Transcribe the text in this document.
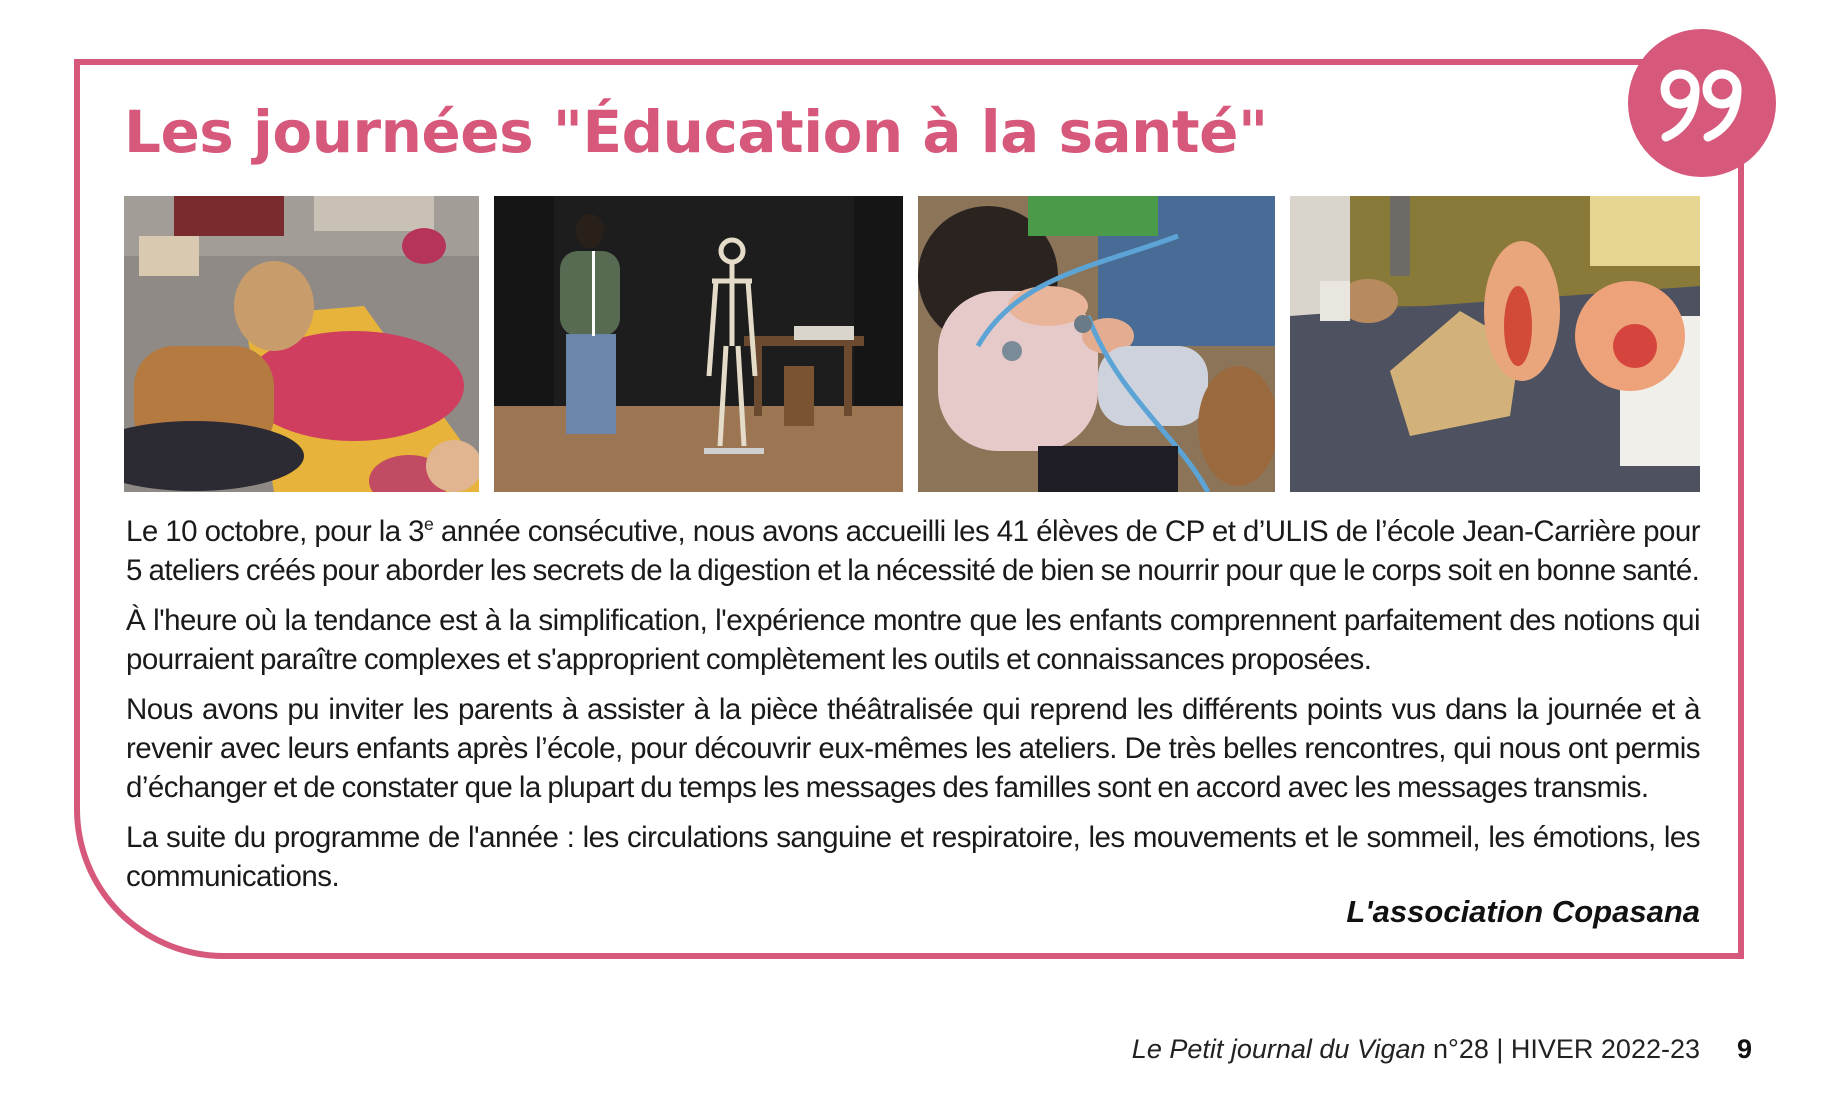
Les journées "Éducation à la santé"

Le 10 octobre, pour la 3e année consécutive, nous avons accueilli les 41 élèves de CP et d’ULIS de l’école Jean-Carrière pour 5 ateliers créés pour aborder les secrets de la digestion et la nécessité de bien se nourrir pour que le corps soit en bonne santé.

À l'heure où la tendance est à la simplification, l'expérience montre que les enfants comprennent parfaitement des notions qui pourraient paraître complexes et s'approprient complètement les outils et connaissances proposées.

Nous avons pu inviter les parents à assister à la pièce théâtralisée qui reprend les différents points vus dans la journée et à revenir avec leurs enfants après l’école, pour découvrir eux-mêmes les ateliers. De très belles rencontres, qui nous ont permis d’échanger et de constater que la plupart du temps les messages des familles sont en accord avec les messages transmis.

La suite du programme de l'année : les circulations sanguine et respiratoire, les mouvements et le sommeil, les émotions, les communications.

L'association Copasana
Le Petit journal du Vigan n°28 | HIVER 2022-23 9
